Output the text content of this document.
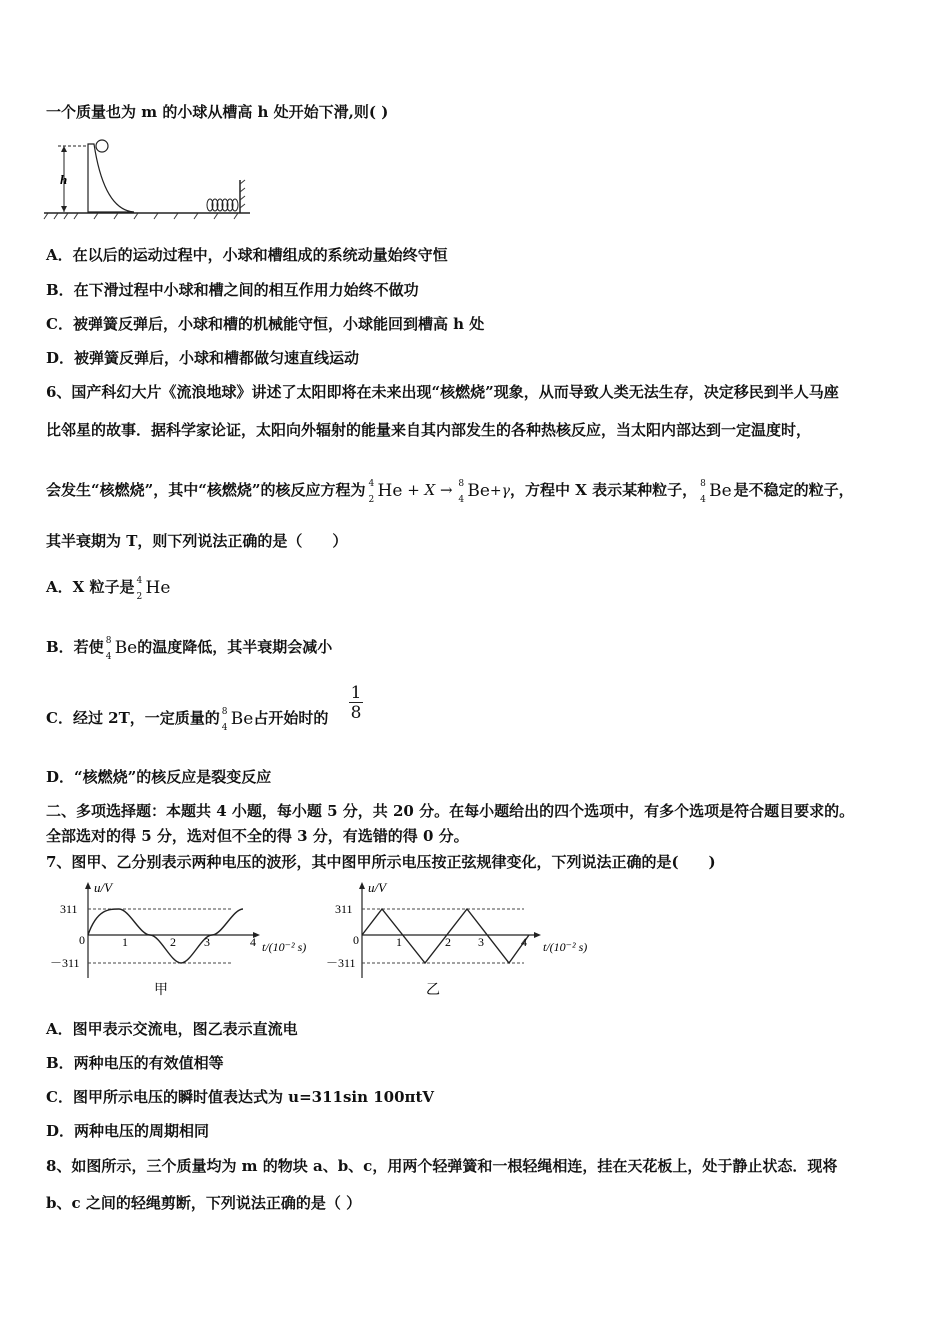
一个质量也为 m 的小球从槽高 h 处开始下滑,则( )
h
A．在以后的运动过程中，小球和槽组成的系统动量始终守恒
B．在下滑过程中小球和槽之间的相互作用力始终不做功
C．被弹簧反弹后，小球和槽的机械能守恒，小球能回到槽高 h 处
D．被弹簧反弹后，小球和槽都做匀速直线运动
6、国产科幻大片《流浪地球》讲述了太阳即将在未来出现“核燃烧”现象，从而导致人类无法生存，决定移民到半人马座
比邻星的故事．据科学家论证，太阳向外辐射的能量来自其内部发生的各种热核反应，当太阳内部达到一定温度时，
会发生“核燃烧”，其中“核燃烧”的核反应方程为 4
2 He + X → 8
4 Be+γ，方程中 X 表示某种粒子， 8
4 Be 是不稳定的粒子，
其半衰期为 T，则下列说法正确的是（　　）
A．X 粒子是 4
2 He
B．若使 8
4 Be的温度降低，其半衰期会减小
C．经过 2T，一定质量的 8
4 Be占开始时的 $\frac{1}{8}$
D．“核燃烧”的核反应是裂变反应
二、多项选择题：本题共 4 小题，每小题 5 分，共 20 分。在每小题给出的四个选项中，有多个选项是符合题目要求的。
全部选对的得 5 分，选对但不全的得 3 分，有选错的得 0 分。
7、图甲、乙分别表示两种电压的波形，其中图甲所示电压按正弦规律变化，下列说法正确的是(　　)
u/V
311
－311
0	1	2 3	4 t/(10⁻² s)
甲
u/V
311
－311
0	1	2 3	4 t/(10⁻² s)
乙
A．图甲表示交流电，图乙表示直流电
B．两种电压的有效值相等
C．图甲所示电压的瞬时值表达式为 u=311sin 100πtV
D．两种电压的周期相同
8、如图所示，三个质量均为 m 的物块 a、b、c，用两个轻弹簧和一根轻绳相连，挂在天花板上，处于静止状态．现将
b、c 之间的轻绳剪断，下列说法正确的是（ ）
